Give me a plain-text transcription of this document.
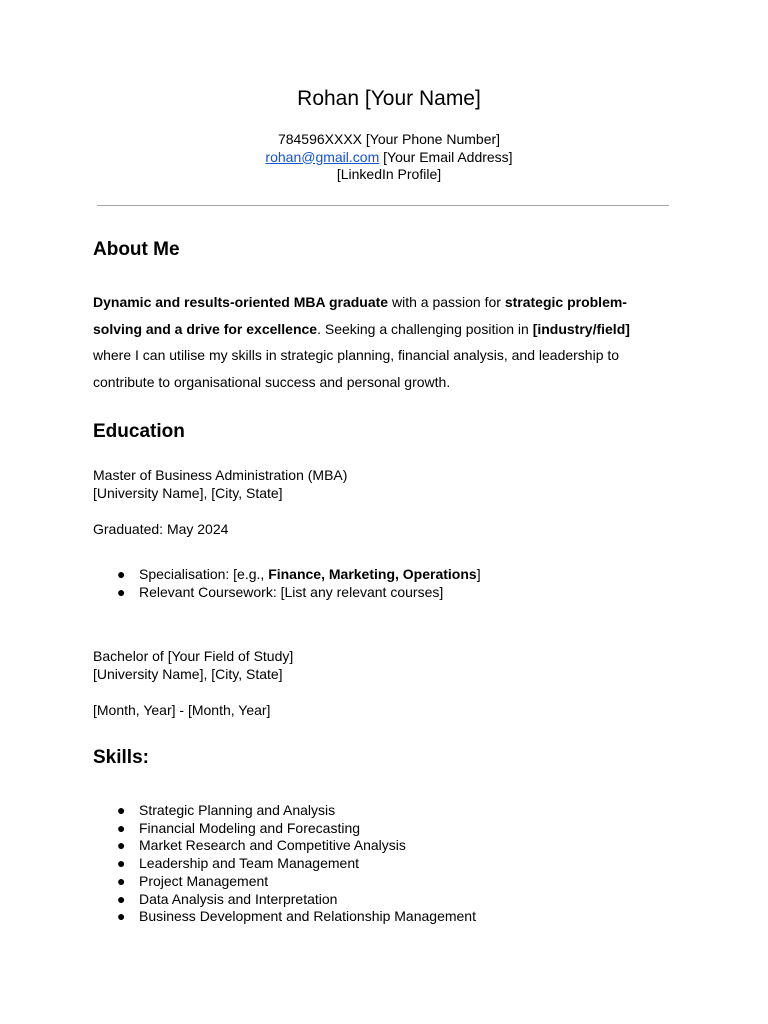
Rohan [Your Name]
784596XXXX [Your Phone Number]
rohan@gmail.com [Your Email Address]
[LinkedIn Profile]
About Me
Dynamic and results-oriented MBA graduate with a passion for strategic problem-solving and a drive for excellence. Seeking a challenging position in [industry/field] where I can utilise my skills in strategic planning, financial analysis, and leadership to contribute to organisational success and personal growth.
Education
Master of Business Administration (MBA)
[University Name], [City, State]
Graduated: May 2024
● Specialisation: [e.g., Finance, Marketing, Operations]
● Relevant Coursework: [List any relevant courses]
Bachelor of [Your Field of Study]
[University Name], [City, State]
[Month, Year] - [Month, Year]
Skills:
● Strategic Planning and Analysis
● Financial Modeling and Forecasting
● Market Research and Competitive Analysis
● Leadership and Team Management
● Project Management
● Data Analysis and Interpretation
● Business Development and Relationship Management
